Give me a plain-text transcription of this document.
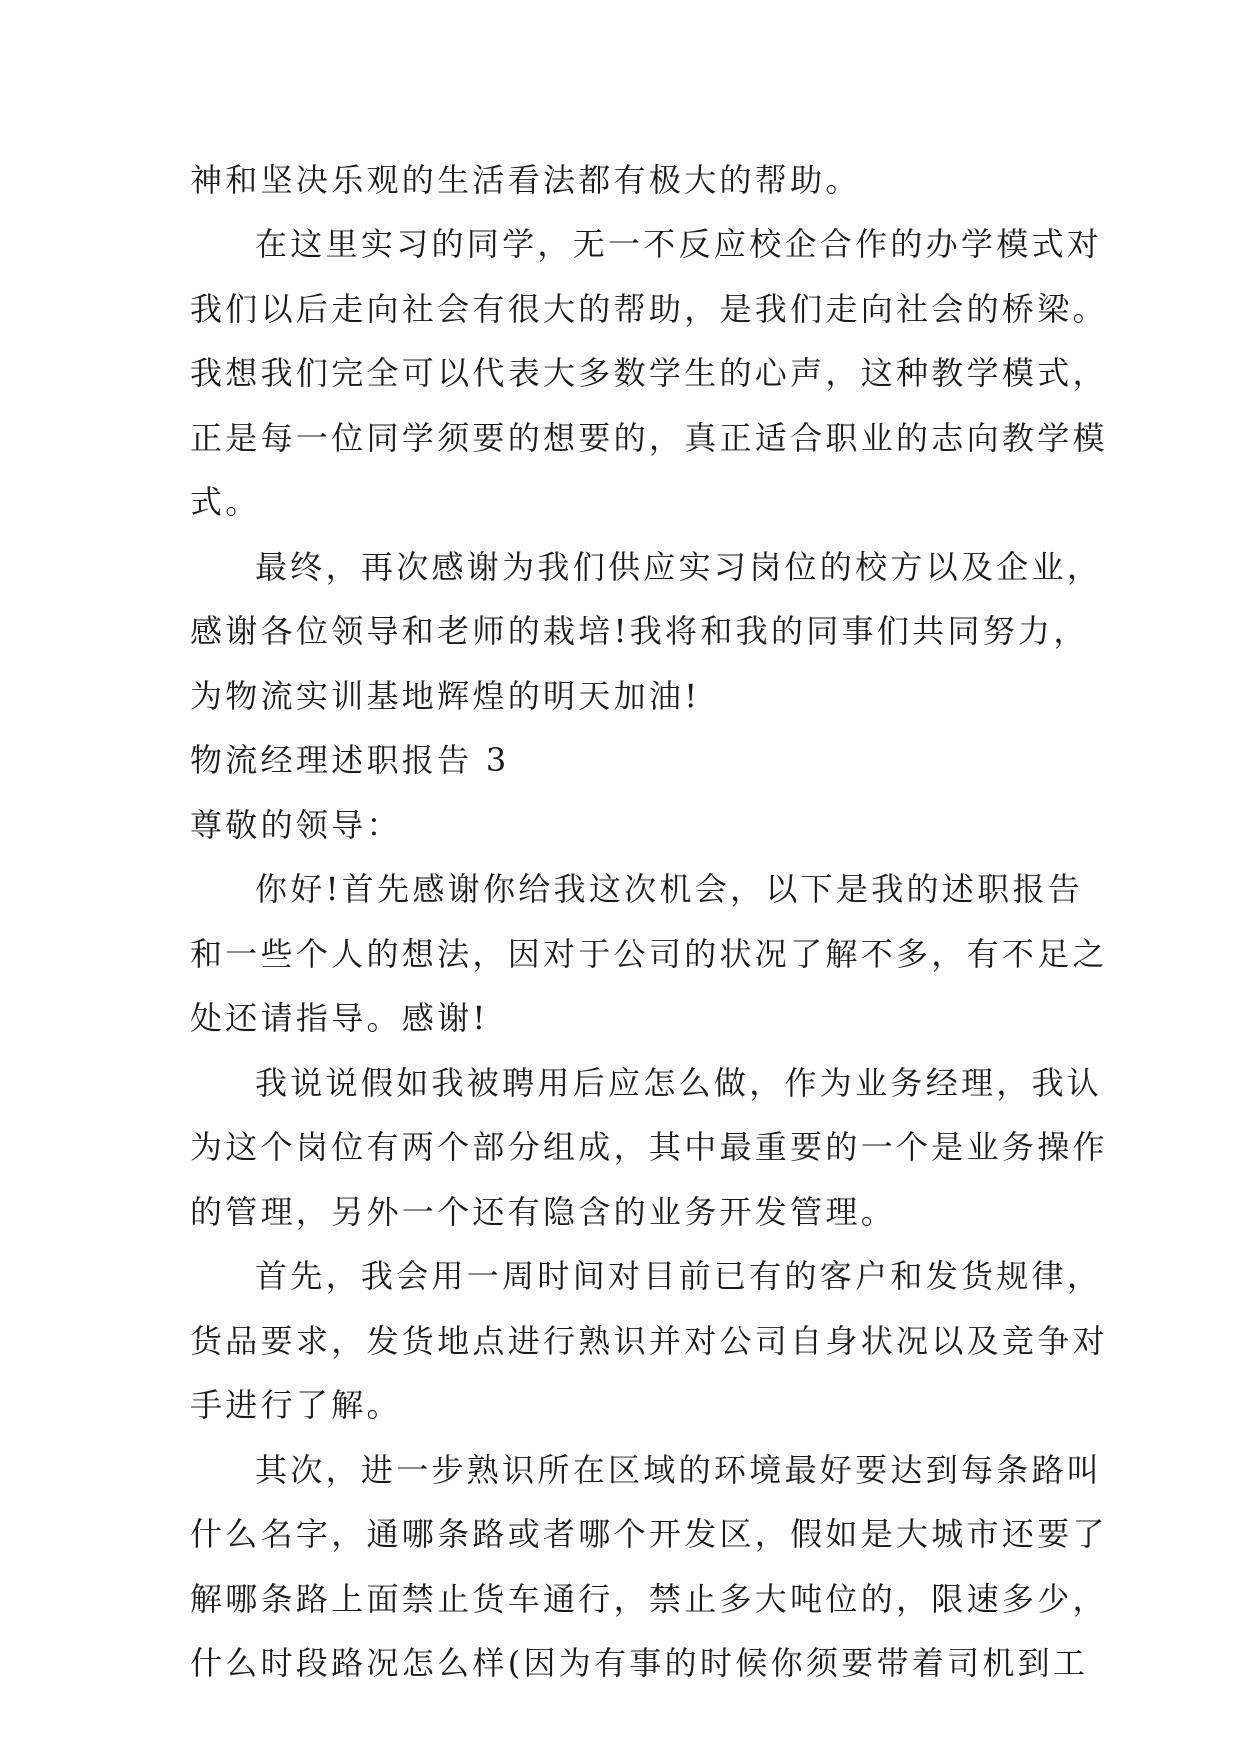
神和坚决乐观的生活看法都有极大的帮助。
在这里实习的同学，无一不反应校企合作的办学模式对
我们以后走向社会有很大的帮助，是我们走向社会的桥梁。
我想我们完全可以代表大多数学生的心声，这种教学模式，
正是每一位同学须要的想要的，真正适合职业的志向教学模
式。
最终，再次感谢为我们供应实习岗位的校方以及企业，
感谢各位领导和老师的栽培!我将和我的同事们共同努力，
为物流实训基地辉煌的明天加油!
物流经理述职报告 3
尊敬的领导：
你好!首先感谢你给我这次机会，以下是我的述职报告
和一些个人的想法，因对于公司的状况了解不多，有不足之
处还请指导。感谢!
我说说假如我被聘用后应怎么做，作为业务经理，我认
为这个岗位有两个部分组成，其中最重要的一个是业务操作
的管理，另外一个还有隐含的业务开发管理。
首先，我会用一周时间对目前已有的客户和发货规律，
货品要求，发货地点进行熟识并对公司自身状况以及竞争对
手进行了解。
其次，进一步熟识所在区域的环境最好要达到每条路叫
什么名字，通哪条路或者哪个开发区，假如是大城市还要了
解哪条路上面禁止货车通行，禁止多大吨位的，限速多少，
什么时段路况怎么样(因为有事的时候你须要带着司机到工
